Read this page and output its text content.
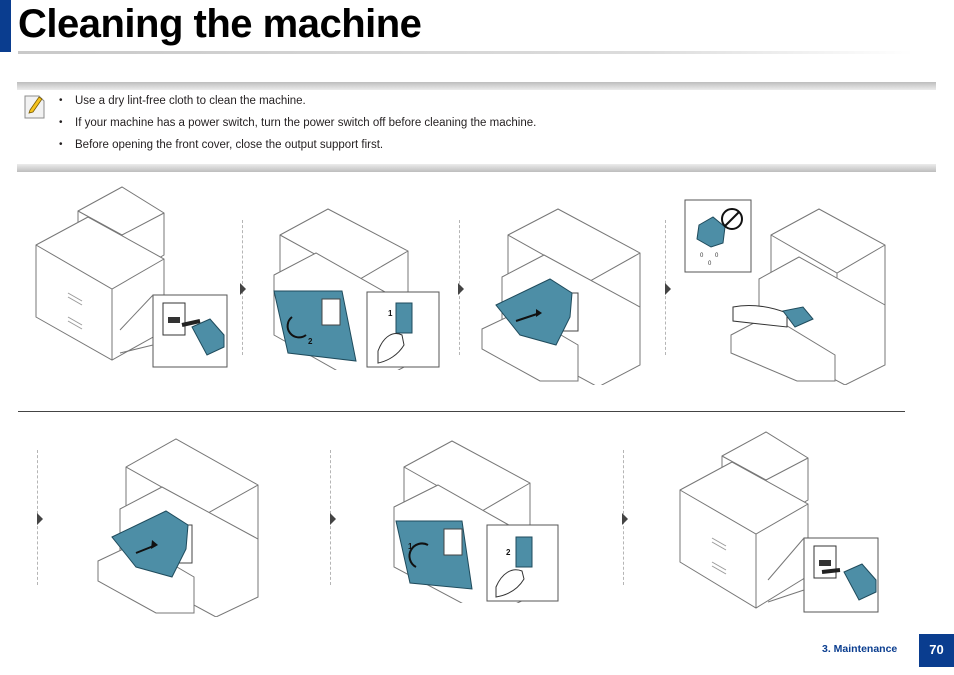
Cleaning the machine
• Use a dry lint-free cloth to clean the machine.
• If your machine has a power switch, turn the power switch off before cleaning the machine.
• Before opening the front cover, close the output support first.
2
1
0 0
0
1
2
3. Maintenance	70
